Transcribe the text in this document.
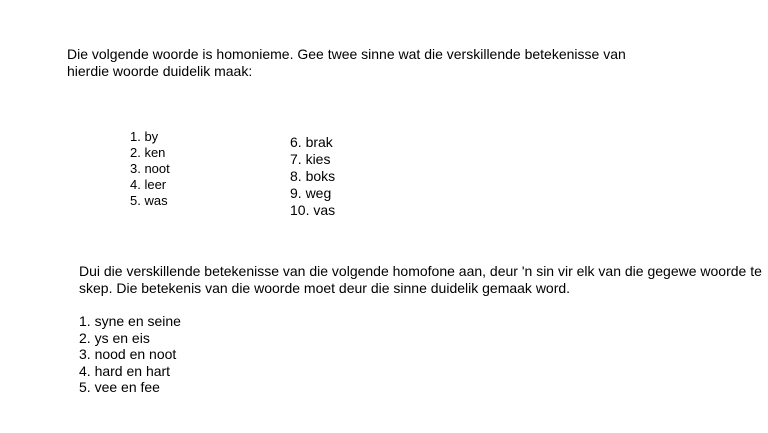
Die volgende woorde is homonieme. Gee twee sinne wat die verskillende betekenisse van hierdie woorde duidelik maak:
1. by
2. ken
3. noot
4. leer
5. was
6. brak
7. kies
8. boks
9. weg
10. vas
Dui die verskillende betekenisse van die volgende homofone aan, deur 'n sin vir elk van die gegewe woorde te skep. Die betekenis van die woorde moet deur die sinne duidelik gemaak word.
1. syne en seine
2. ys en eis
3. nood en noot
4. hard en hart
5. vee en fee
